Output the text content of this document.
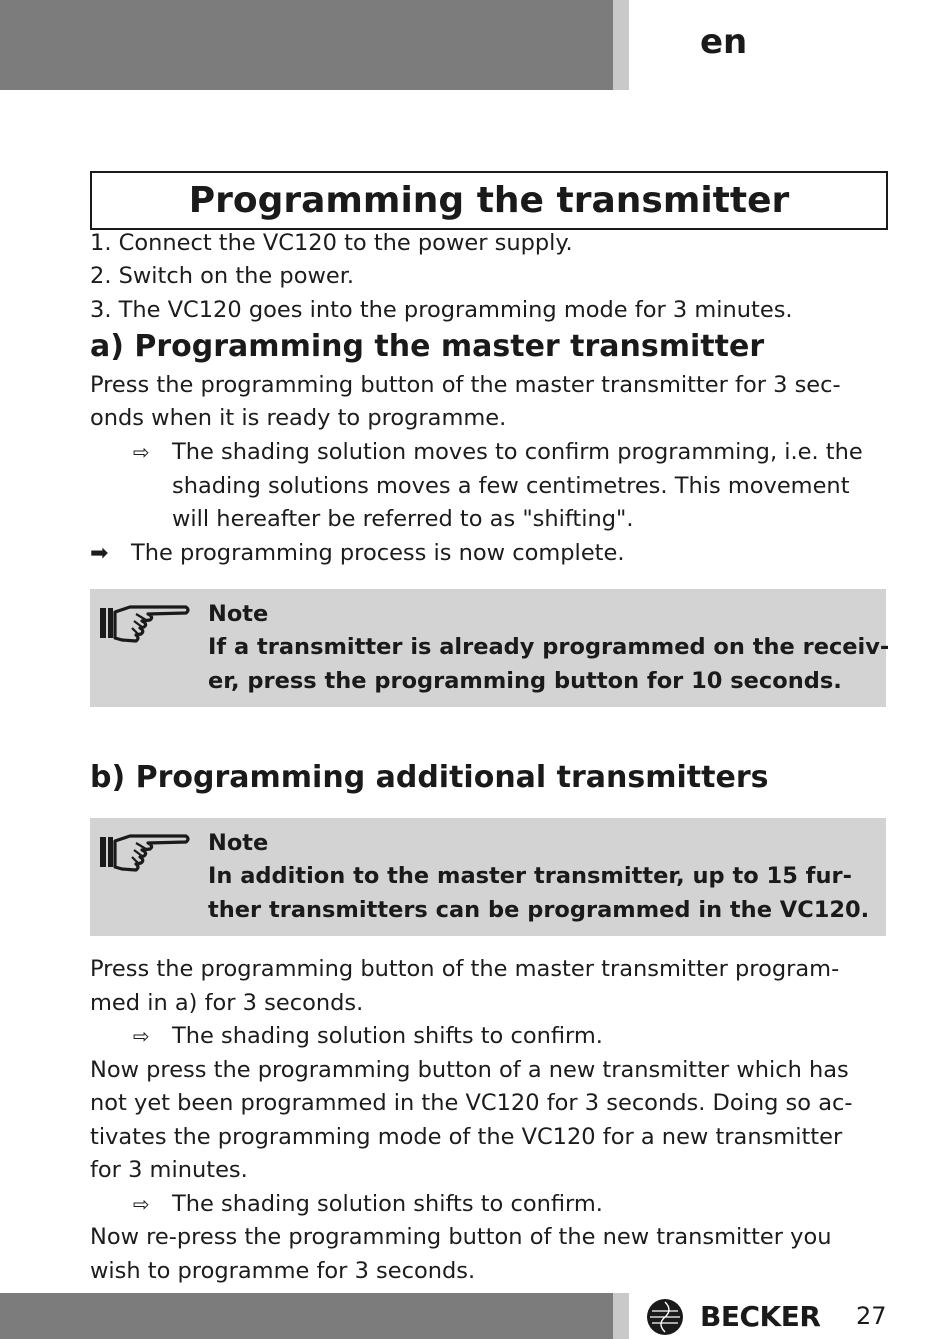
en
Programming the transmitter
1. Connect the VC120 to the power supply.
2. Switch on the power.
3. The VC120 goes into the programming mode for 3 minutes.
a) Programming the master transmitter
Press the programming button of the master transmitter for 3 sec-
onds when it is ready to programme.
⇨ The shading solution moves to confirm programming, i.e. the
shading solutions moves a few centimetres. This movement
will hereafter be referred to as "shifting".
➡ The programming process is now complete.
Note
If a transmitter is already programmed on the receiv-
er, press the programming button for 10 seconds.
b) Programming additional transmitters
Note
In addition to the master transmitter, up to 15 fur-
ther transmitters can be programmed in the VC120.
Press the programming button of the master transmitter program-
med in a) for 3 seconds.
⇨ The shading solution shifts to confirm.
Now press the programming button of a new transmitter which has
not yet been programmed in the VC120 for 3 seconds. Doing so ac-
tivates the programming mode of the VC120 for a new transmitter
for 3 minutes.
⇨ The shading solution shifts to confirm.
Now re-press the programming button of the new transmitter you
wish to programme for 3 seconds.
BECKER 27
